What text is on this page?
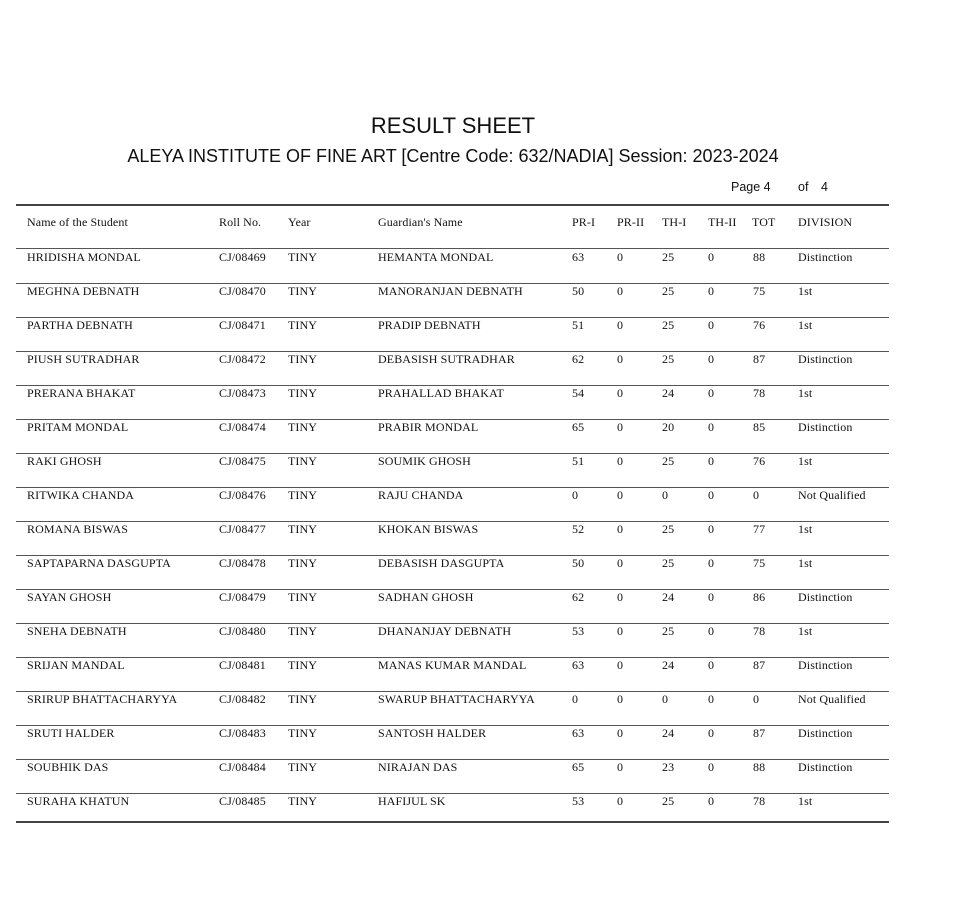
RESULT SHEET
ALEYA INSTITUTE OF FINE ART [Centre Code: 632/NADIA] Session: 2023-2024
Page 4 of 4
Name of the Student	Roll No. Year	Guardian's Name	PR-I PR-II TH-I TH-II TOT DIVISION
HRIDISHA MONDAL	CJ/08469 TINY	HEMANTA MONDAL	63	0	25	0	88	Distinction
MEGHNA DEBNATH	CJ/08470 TINY	MANORANJAN DEBNATH	50	0	25	0	75	1st
PARTHA DEBNATH	CJ/08471 TINY	PRADIP DEBNATH	51	0	25	0	76	1st
PIUSH SUTRADHAR	CJ/08472 TINY	DEBASISH SUTRADHAR	62	0	25	0	87	Distinction
PRERANA BHAKAT	CJ/08473 TINY	PRAHALLAD BHAKAT	54	0	24	0	78	1st
PRITAM MONDAL	CJ/08474 TINY	PRABIR MONDAL	65	0	20	0	85	Distinction
RAKI GHOSH	CJ/08475 TINY	SOUMIK GHOSH	51	0	25	0	76	1st
RITWIKA CHANDA	CJ/08476 TINY	RAJU CHANDA	0	0	0	0	0	Not Qualified
ROMANA BISWAS	CJ/08477 TINY	KHOKAN BISWAS	52	0	25	0	77	1st
SAPTAPARNA DASGUPTA	CJ/08478 TINY	DEBASISH DASGUPTA	50	0	25	0	75	1st
SAYAN GHOSH	CJ/08479 TINY	SADHAN GHOSH	62	0	24	0	86	Distinction
SNEHA DEBNATH	CJ/08480 TINY	DHANANJAY DEBNATH	53	0	25	0	78	1st
SRIJAN MANDAL	CJ/08481 TINY	MANAS KUMAR MANDAL	63	0	24	0	87	Distinction
SRIRUP BHATTACHARYYA	CJ/08482 TINY	SWARUP BHATTACHARYYA	0	0	0	0	0	Not Qualified
SRUTI HALDER	CJ/08483 TINY	SANTOSH HALDER	63	0	24	0	87	Distinction
SOUBHIK DAS	CJ/08484 TINY	NIRAJAN DAS	65	0	23	0	88	Distinction
SURAHA KHATUN	CJ/08485 TINY	HAFIJUL SK	53	0	25	0	78	1st
